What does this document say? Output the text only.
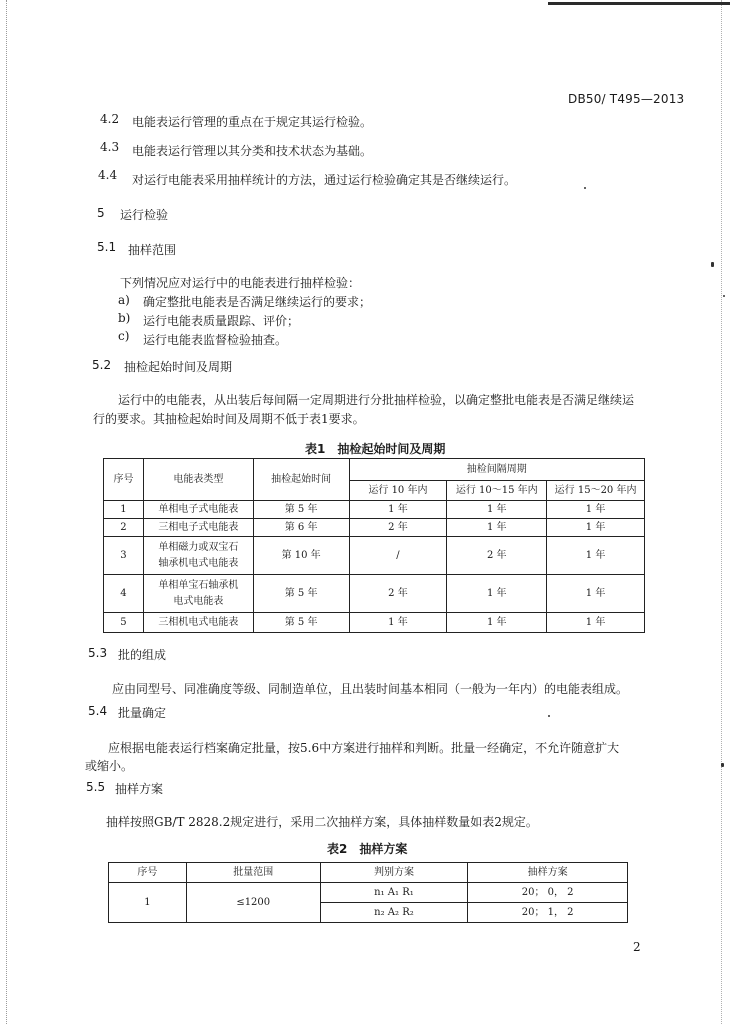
DB50/ T495—2013
4.2 电能表运行管理的重点在于规定其运行检验。
4.3 电能表运行管理以其分类和技术状态为基础。
4.4 对运行电能表采用抽样统计的方法，通过运行检验确定其是否继续运行。
5 运行检验
5.1 抽样范围
下列情况应对运行中的电能表进行抽样检验：
a) 确定整批电能表是否满足继续运行的要求；
b) 运行电能表质量跟踪、评价；
c) 运行电能表监督检验抽查。
5.2 抽检起始时间及周期
运行中的电能表，从出装后每间隔一定周期进行分批抽样检验，以确定整批电能表是否满足继续运
行的要求。其抽检起始时间及周期不低于表1要求。
表1　抽检起始时间及周期
序号	电能表类型	抽检起始时间	抽检间隔周期		
			运行 10 年内	运行 10～15 年内	运行 15～20 年内
1	单相电子式电能表	第 5 年	1 年	1 年	1 年
2	三相电子式电能表	第 6 年	2 年	1 年	1 年
3	单相磁力或双宝石
轴承机电式电能表	第 10 年	/	2 年	1 年
4	单相单宝石轴承机
电式电能表	第 5 年	2 年	1 年	1 年
5	三相机电式电能表	第 5 年	1 年	1 年	1 年
5.3 批的组成
应由同型号、同准确度等级、同制造单位，且出装时间基本相同（一般为一年内）的电能表组成。
5.4 批量确定
应根据电能表运行档案确定批量，按5.6中方案进行抽样和判断。批量一经确定，不允许随意扩大
或缩小。
5.5 抽样方案
抽样按照GB/T 2828.2规定进行，采用二次抽样方案，具体抽样数量如表2规定。
表2　抽样方案
序号	批量范围	判别方案	抽样方案
1	≤1200	n₁ A₁ R₁	20； 0， 2
		n₂ A₂ R₂	20； 1， 2
2
